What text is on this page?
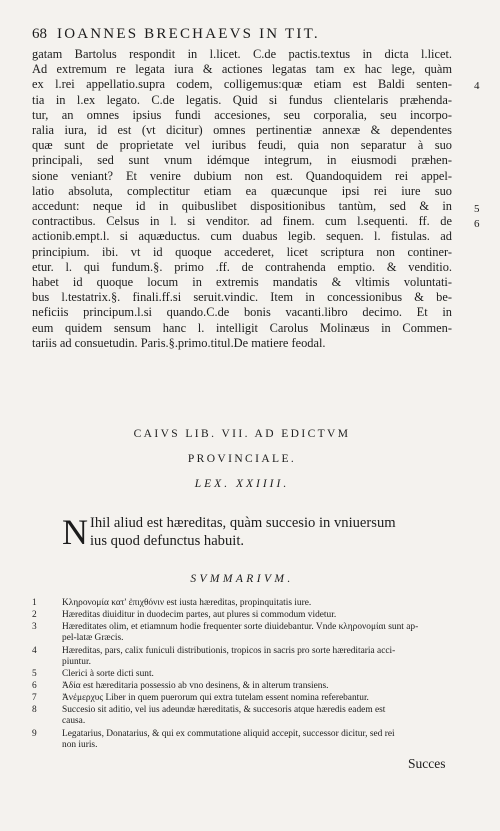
68 IOANNES BRECHAEVS IN TIT.
gatam Bartolus respondit in l.licet. C.de pactis.textus in dicta l.licet.
Ad extremum re legata iura & actiones legatas tam ex hac lege, quàm
ex l.rei appellatio.supra codem, colligemus:quæ etiam est Baldi senten-
tia in l.ex legato. C.de legatis. Quid si fundus clientelaris præhenda-
tur, an omnes ipsius fundi accesiones, seu corporalia, seu incorpo-
ralia iura, id est (vt dicitur) omnes pertinentiæ annexæ & dependentes
quæ sunt de proprietate vel iuribus feudi, quia non separatur à suo
principali, sed sunt vnum idémque integrum, in eiusmodi præhen-
sione veniant? Et venire dubium non est. Quandoquidem rei appel-
latio absoluta, complectitur etiam ea quæcunque ipsi rei iure suo
accedunt: neque id in quibuslibet dispositionibus tantùm, sed & in
contractibus. Celsus in l. si venditor. ad finem. cum l.sequenti. ff. de
actionib.empt.l. si aquæductus. cum duabus legib. sequen. l. fistulas. ad
principium. ibi. vt id quoque accederet, licet scriptura non continer-
etur. l. qui fundum.§. primo .ff. de contrahenda emptio. & venditio.
habet id quoque locum in extremis mandatis & vltimis voluntati-
bus l.testatrix.§. finali.ff.si seruit.vindic. Item in concessionibus & be-
neficiis principum.l.si quando.C.de bonis vacanti.libro decimo. Et in
eum quidem sensum hanc l. intelligit Carolus Molinæus in Commen-
tariis ad consuetudin. Paris.§.primo.titul.De matiere feodal.
4
5
6
CAIVS LIB. VII. AD EDICTVM
PROVINCIALE.
LEX. XXIIII.
N Ihil aliud est hæreditas, quàm succesio in vniuersum
ius quod defunctus habuit.
SVMMARIVM.
1	Κληρονομία κατ' ἐπιχθόνιν est iusta hæreditas, propinquitatis iure.
2	Hæreditas diuiditur in duodecim partes, aut plures si commodum videtur.
3	Hæreditates olim, et etiamnum hodie frequenter sorte diuidebantur. Vnde κληρονομίαι sunt ap-
pel-latæ Græcis.
4	Hæreditas, pars, calix funiculi distributionis, tropicos in sacris pro sorte hæreditaria acci-
piuntur.
5	Clerici à sorte dicti sunt.
6	Ἀδία est hæreditaria possessio ab vno desinens, & in alterum transiens.
7	Ἀνέμερχυς Liber in quem puerorum qui extra tutelam essent nomina referebantur.
8	Succesio sit aditio, vel ius adeundæ hæreditatis, & succesoris atque hæredis eadem est
causa.
9	Legatarius, Donatarius, & qui ex commutatione aliquid accepit, successor dicitur, sed rei
non iuris.
Succes
